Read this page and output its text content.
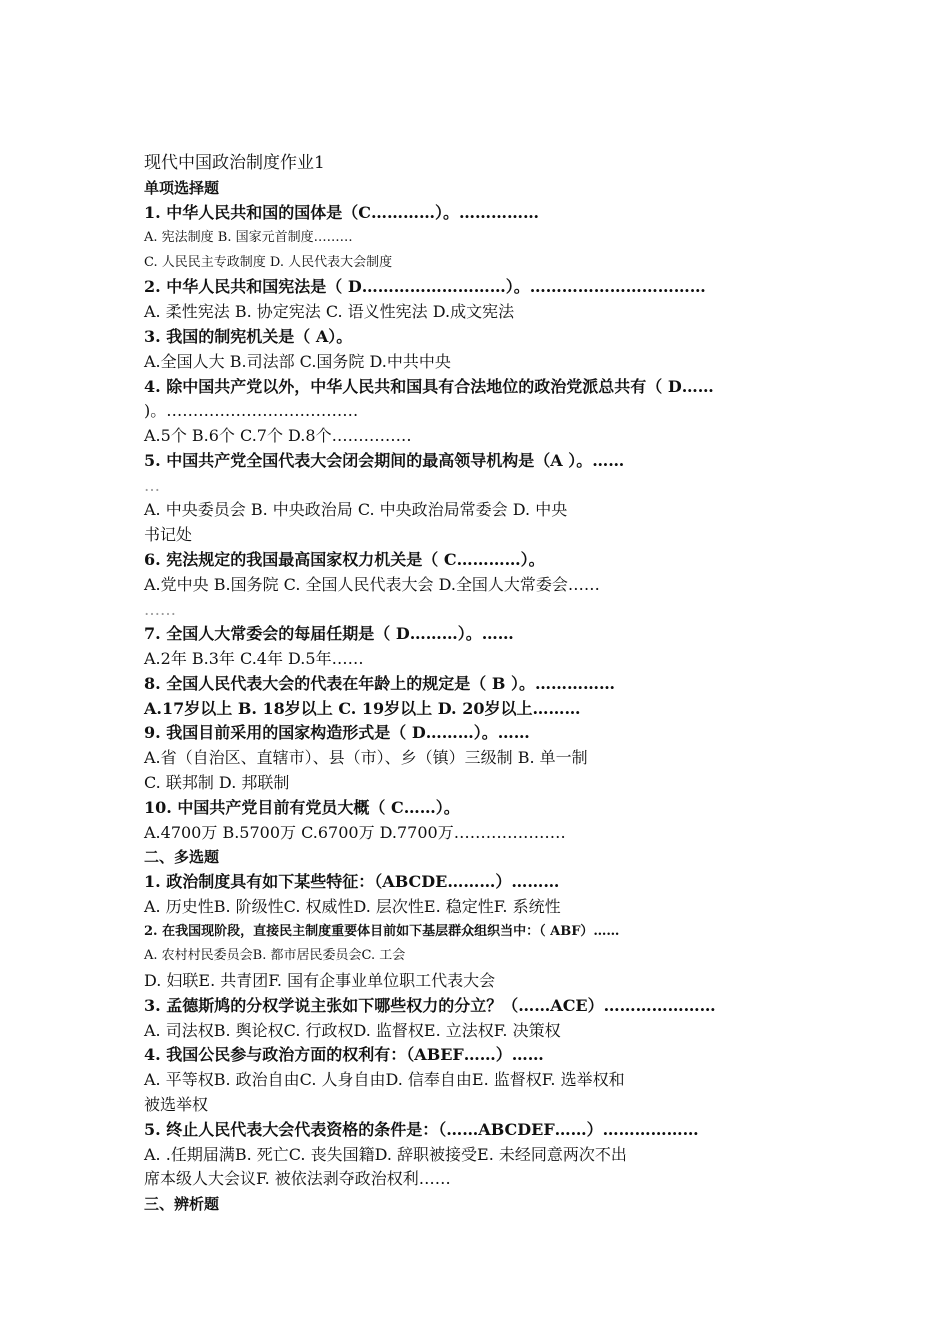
现代中国政治制度作业1
单项选择题
1. 中华人民共和国的国体是（C…………）。……………
A. 宪法制度 B. 国家元首制度………
C. 人民民主专政制度 D. 人民代表大会制度
2. 中华人民共和国宪法是（ D………………………）。……………………………
A. 柔性宪法 B. 协定宪法 C. 语义性宪法 D.成文宪法
3. 我国的制宪机关是（ A）。
A.全国人大 B.司法部 C.国务院 D.中共中央
4. 除中国共产党以外，中华人民共和国具有合法地位的政治党派总共有（ D……
)。………………………………
A.5个 B.6个 C.7个 D.8个……………
5. 中国共产党全国代表大会闭会期间的最高领导机构是（A ）。……
…
A. 中央委员会 B. 中央政治局 C. 中央政治局常委会 D. 中央
书记处
6. 宪法规定的我国最高国家权力机关是（ C…………）。
A.党中央 B.国务院 C. 全国人民代表大会 D.全国人大常委会……
……
7. 全国人大常委会的每届任期是（ D………）。……
A.2年 B.3年 C.4年 D.5年……
8. 全国人民代表大会的代表在年龄上的规定是（ B ）。……………
A.17岁以上 B. 18岁以上 C. 19岁以上 D. 20岁以上………
9. 我国目前采用的国家构造形式是（ D………）。……
A.省（自治区、直辖市）、县（市）、乡（镇）三级制 B. 单一制
C. 联邦制 D. 邦联制
10. 中国共产党目前有党员大概（ C……）。
A.4700万 B.5700万 C.6700万 D.7700万…………………
二、多选题
1. 政治制度具有如下某些特征：（ABCDE………）………
A. 历史性B. 阶级性C. 权威性D. 层次性E. 稳定性F. 系统性
2. 在我国现阶段，直接民主制度重要体目前如下基层群众组织当中：（ ABF）……
A. 农村村民委员会B. 都市居民委员会C. 工会
D. 妇联E. 共青团F. 国有企事业单位职工代表大会
3. 孟德斯鸠的分权学说主张如下哪些权力的分立？（……ACE）…………………
A. 司法权B. 舆论权C. 行政权D. 监督权E. 立法权F. 决策权
4. 我国公民参与政治方面的权利有：（ABEF……）……
A. 平等权B. 政治自由C. 人身自由D. 信奉自由E. 监督权F. 选举权和
被选举权
5. 终止人民代表大会代表资格的条件是：（……ABCDEF……）………………
A. .任期届满B. 死亡C. 丧失国籍D. 辞职被接受E. 未经同意两次不出
席本级人大会议F. 被依法剥夺政治权利……
三、辨析题
